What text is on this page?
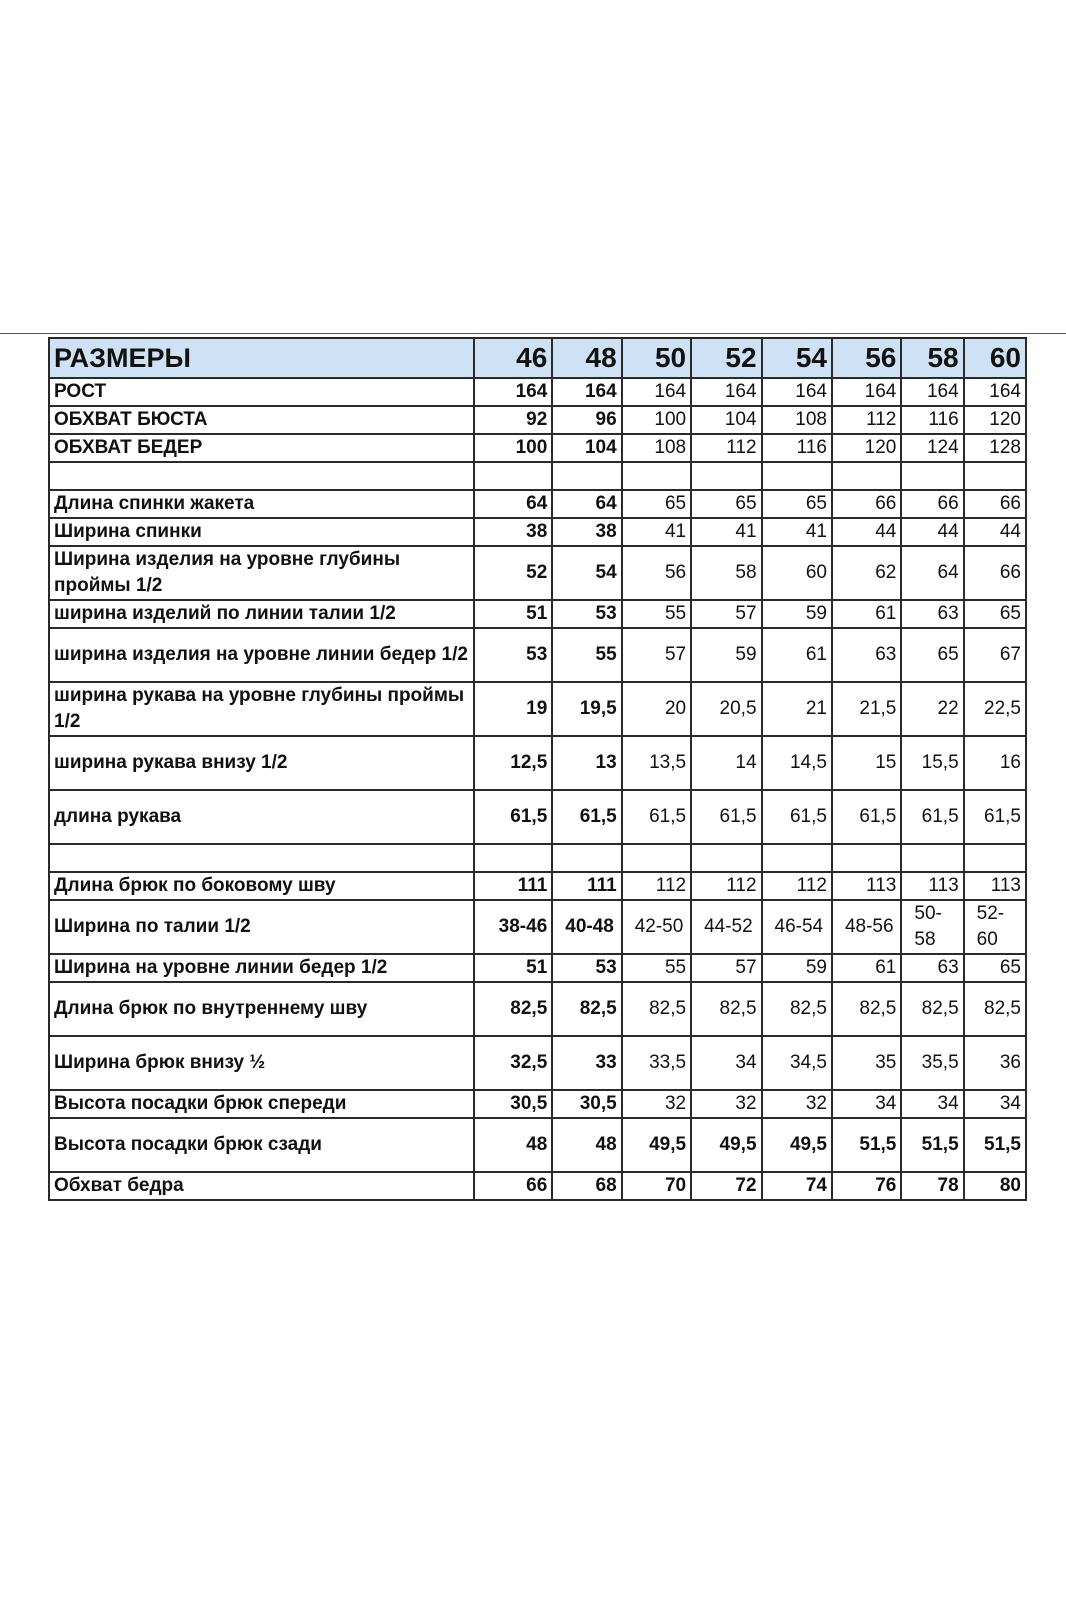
РАЗМЕРЫ	46	48	50	52	54	56	58	60
РОСТ	164	164	164	164	164	164	164	164
ОБХВАТ БЮСТА	92	96	100	104	108	112	116	120
ОБХВАТ БЕДЕР	100	104	108	112	116	120	124	128

Длина спинки жакета	64	64	65	65	65	66	66	66
Ширина спинки	38	38	41	41	41	44	44	44
Ширина изделия на уровне глубины проймы 1/2	52	54	56	58	60	62	64	66
ширина изделий по линии талии 1/2	51	53	55	57	59	61	63	65
ширина изделия на уровне линии бедер 1/2	53	55	57	59	61	63	65	67
ширина рукава на уровне глубины проймы 1/2	19	19,5	20	20,5	21	21,5	22	22,5
ширина рукава внизу 1/2	12,5	13	13,5	14	14,5	15	15,5	16
длина рукава	61,5	61,5	61,5	61,5	61,5	61,5	61,5	61,5

Длина брюк по боковому шву	111	111	112	112	112	113	113	113
Ширина по талии 1/2	38-46	40-48	42-50	44-52	46-54	48-56	50-58	52-60
Ширина на уровне линии бедер 1/2	51	53	55	57	59	61	63	65
Длина брюк по внутреннему шву	82,5	82,5	82,5	82,5	82,5	82,5	82,5	82,5
Ширина брюк внизу ½	32,5	33	33,5	34	34,5	35	35,5	36
Высота посадки брюк спереди	30,5	30,5	32	32	32	34	34	34
Высота посадки брюк сзади	48	48	49,5	49,5	49,5	51,5	51,5	51,5
Обхват бедра	66	68	70	72	74	76	78	80
